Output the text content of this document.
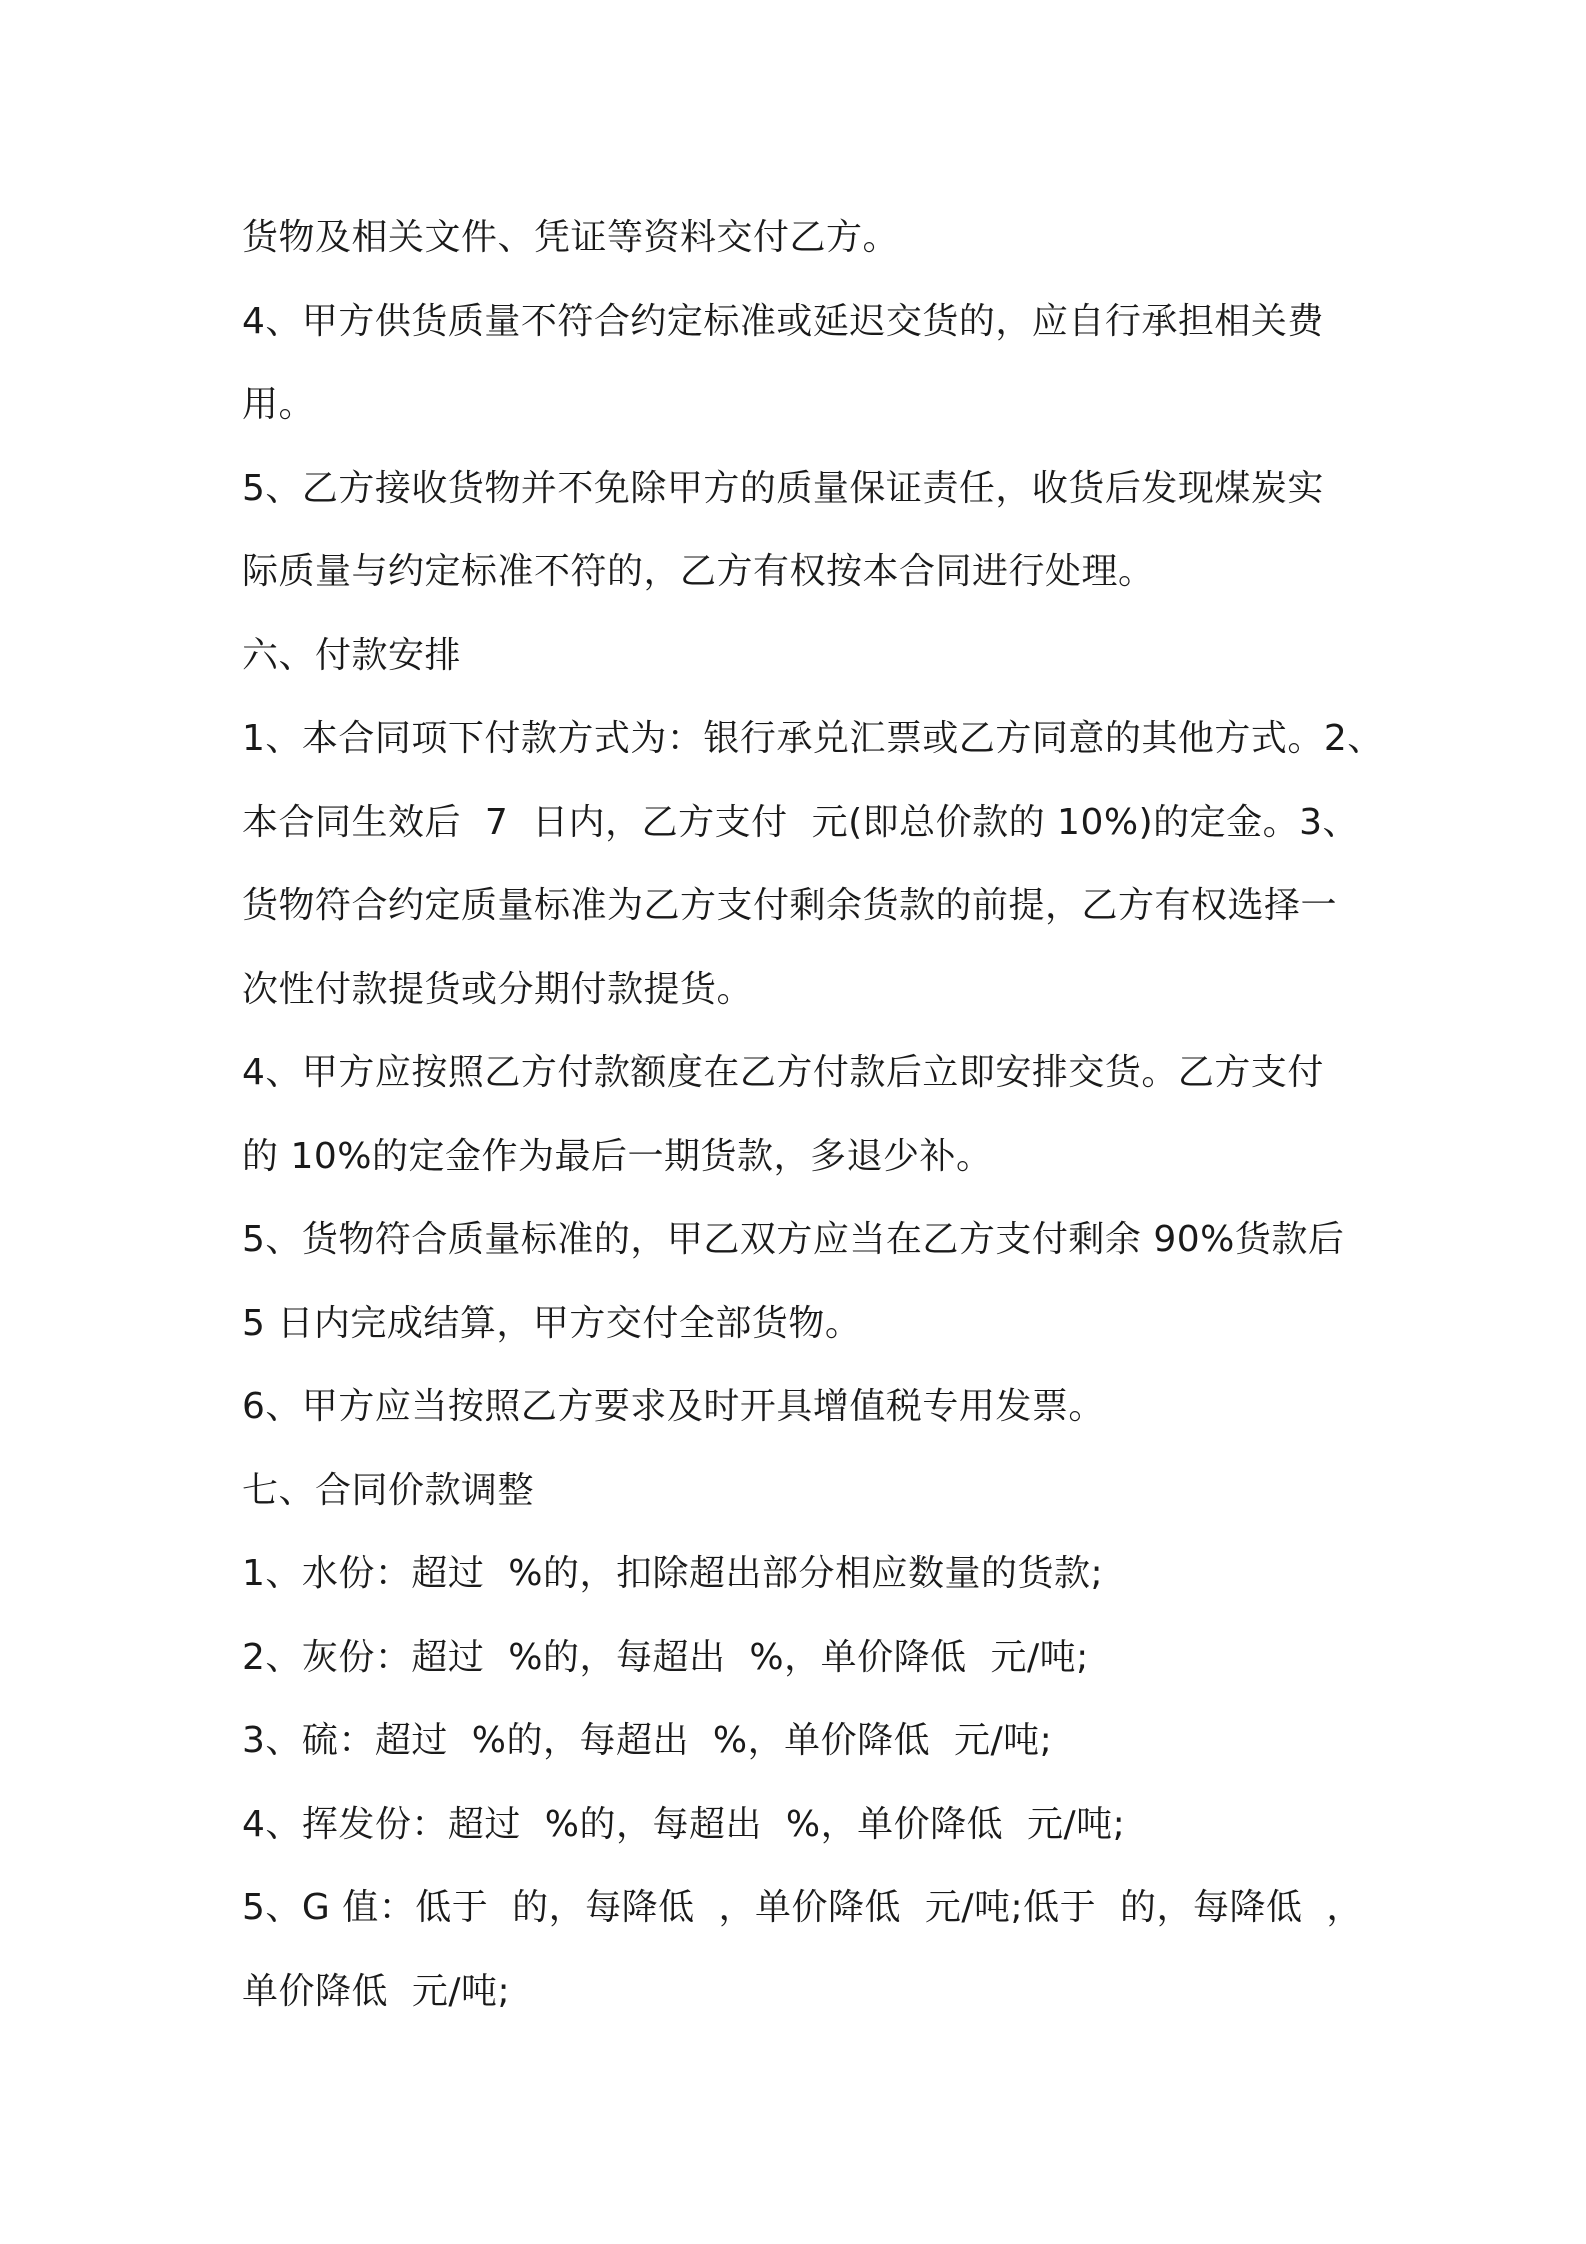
货物及相关文件、凭证等资料交付乙方。
4、甲方供货质量不符合约定标准或延迟交货的，应自行承担相关费
用。
5、乙方接收货物并不免除甲方的质量保证责任，收货后发现煤炭实
际质量与约定标准不符的，乙方有权按本合同进行处理。
六、付款安排
1、本合同项下付款方式为：银行承兑汇票或乙方同意的其他方式。2、
本合同生效后  7  日内，乙方支付  元(即总价款的 10%)的定金。3、
货物符合约定质量标准为乙方支付剩余货款的前提，乙方有权选择一
次性付款提货或分期付款提货。
4、甲方应按照乙方付款额度在乙方付款后立即安排交货。乙方支付
的 10%的定金作为最后一期货款，多退少补。
5、货物符合质量标准的，甲乙双方应当在乙方支付剩余 90%货款后
5 日内完成结算，甲方交付全部货物。
6、甲方应当按照乙方要求及时开具增值税专用发票。
七、合同价款调整
1、水份：超过  %的，扣除超出部分相应数量的货款;
2、灰份：超过  %的，每超出  %，单价降低  元/吨;
3、硫：超过  %的，每超出  %，单价降低  元/吨;
4、挥发份：超过  %的，每超出  %，单价降低  元/吨;
5、G 值：低于  的，每降低  ，单价降低  元/吨;低于  的，每降低  ，
单价降低  元/吨;
